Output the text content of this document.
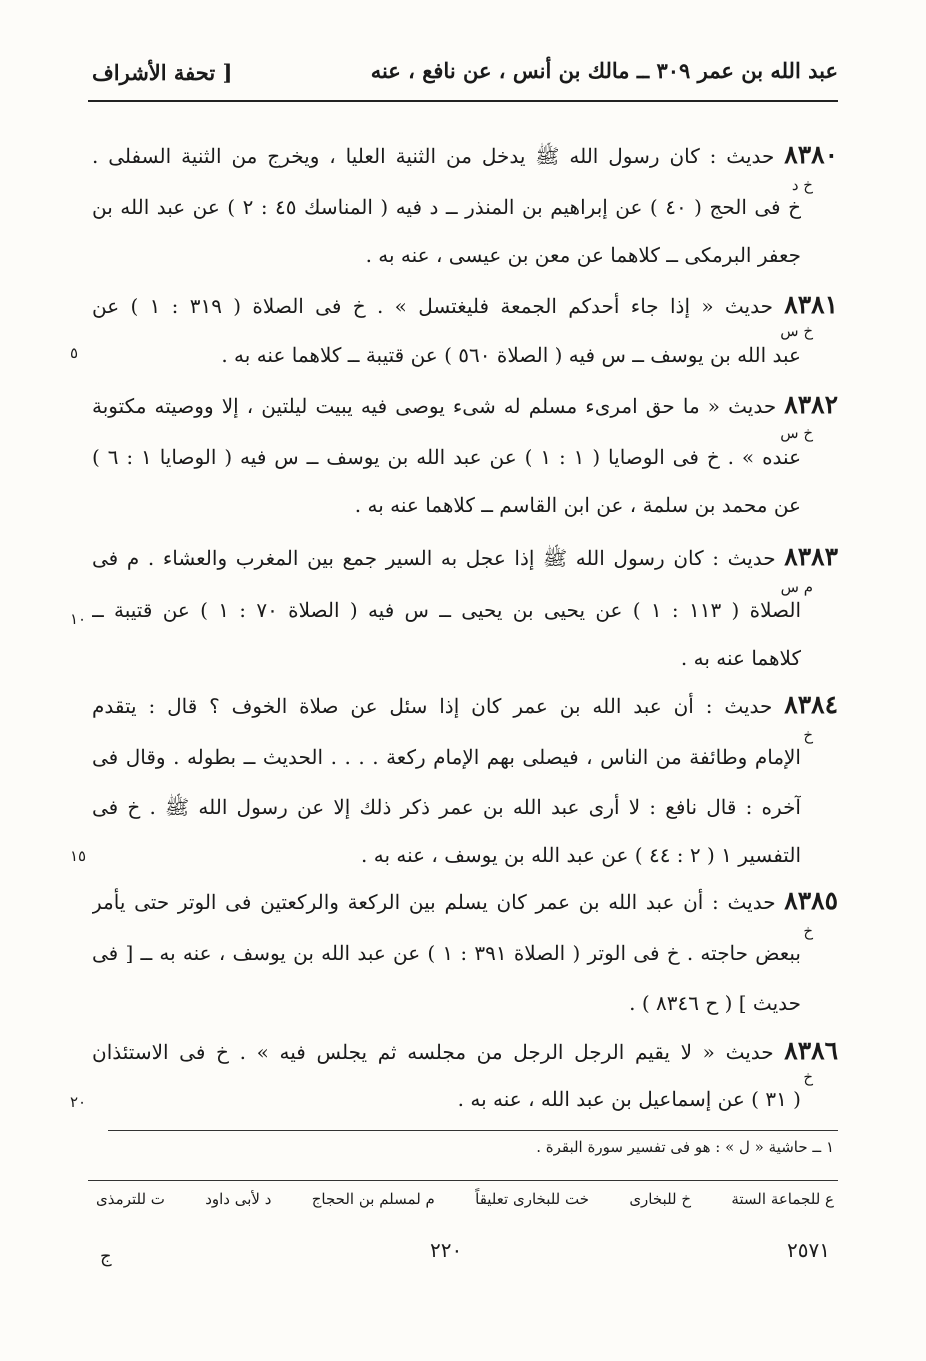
عبد الله بن عمر ٣٠٩ ــ مالك بن أنس ، عن نافع ، عنه
[ تحفة الأشراف
خ د
٨٣٨٠ حديث : كان رسول الله ﷺ يدخل من الثنية العليا ، ويخرج من الثنية السفلى .
خ فى الحج ( ٤٠ ) عن إبراهيم بن المنذر ــ د فيه ( المناسك ٤٥ : ٢ ) عن عبد الله بن
جعفر البرمكى ــ كلاهما عن معن بن عيسى ، عنه به .
خ س
٨٣٨١ حديث « إذا جاء أحدكم الجمعة فليغتسل » . خ فى الصلاة ( ٣١٩ : ١ ) عن
عبد الله بن يوسف ــ س فيه ( الصلاة ٥٦٠ ) عن قتيبة ــ كلاهما عنه به .
خ س
٨٣٨٢ حديث « ما حق امرىء مسلم له شىء يوصى فيه يبيت ليلتين ، إلا ووصيته مكتوبة
عنده » . خ فى الوصايا ( ١ : ١ ) عن عبد الله بن يوسف ــ س فيه ( الوصايا ١ : ٦ )
عن محمد بن سلمة ، عن ابن القاسم ــ كلاهما عنه به .
م س
٨٣٨٣ حديث : كان رسول الله ﷺ إذا عجل به السير جمع بين المغرب والعشاء . م فى
الصلاة ( ١١٣ : ١ ) عن يحيى بن يحيى ــ س فيه ( الصلاة ٧٠ : ١ ) عن قتيبة ــ
كلاهما عنه به .
خ
٨٣٨٤ حديث : أن عبد الله بن عمر كان إذا سئل عن صلاة الخوف ؟ قال : يتقدم
الإمام وطائفة من الناس ، فيصلى بهم الإمام ركعة . . . . الحديث ــ بطوله . وقال فى
آخره : قال نافع : لا أرى عبد الله بن عمر ذكر ذلك إلا عن رسول الله ﷺ . خ فى
التفسير ١ ( ٢ : ٤٤ ) عن عبد الله بن يوسف ، عنه به .
خ
٨٣٨٥ حديث : أن عبد الله بن عمر كان يسلم بين الركعة والركعتين فى الوتر حتى يأمر
ببعض حاجته . خ فى الوتر ( الصلاة ٣٩١ : ١ ) عن عبد الله بن يوسف ، عنه به ــ [ فى
حديث ] ( ح ٨٣٤٦ ) .
خ
٨٣٨٦ حديث « لا يقيم الرجل الرجل من مجلسه ثم يجلس فيه » . خ فى الاستئذان
( ٣١ ) عن إسماعيل بن عبد الله ، عنه به .
٥
١٠
١٥
٢٠
١ ــ حاشية « ل » : هو فى تفسير سورة البقرة .
ع للجماعة الستة
خ للبخارى
خت للبخارى تعليقاً
م لمسلم بن الحجاج
د لأبى داود
ت للترمذى
٢٥٧١
٢٢٠
ج
